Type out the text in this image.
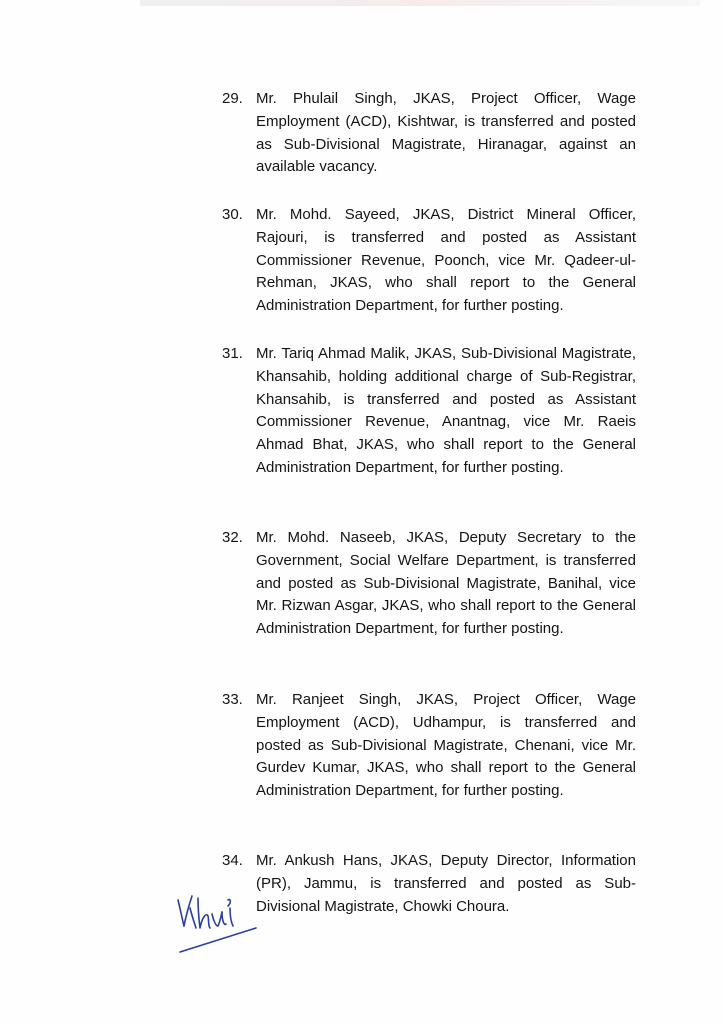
29. Mr. Phulail Singh, JKAS, Project Officer, Wage Employment (ACD), Kishtwar, is transferred and posted as Sub-Divisional Magistrate, Hiranagar, against an available vacancy.
30. Mr. Mohd. Sayeed, JKAS, District Mineral Officer, Rajouri, is transferred and posted as Assistant Commissioner Revenue, Poonch, vice Mr. Qadeer-ul-Rehman, JKAS, who shall report to the General Administration Department, for further posting.
31. Mr. Tariq Ahmad Malik, JKAS, Sub-Divisional Magistrate, Khansahib, holding additional charge of Sub-Registrar, Khansahib, is transferred and posted as Assistant Commissioner Revenue, Anantnag, vice Mr. Raeis Ahmad Bhat, JKAS, who shall report to the General Administration Department, for further posting.
32. Mr. Mohd. Naseeb, JKAS, Deputy Secretary to the Government, Social Welfare Department, is transferred and posted as Sub-Divisional Magistrate, Banihal, vice Mr. Rizwan Asgar, JKAS, who shall report to the General Administration Department, for further posting.
33. Mr. Ranjeet Singh, JKAS, Project Officer, Wage Employment (ACD), Udhampur, is transferred and posted as Sub-Divisional Magistrate, Chenani, vice Mr. Gurdev Kumar, JKAS, who shall report to the General Administration Department, for further posting.
34. Mr. Ankush Hans, JKAS, Deputy Director, Information (PR), Jammu, is transferred and posted as Sub-Divisional Magistrate, Chowki Choura.
